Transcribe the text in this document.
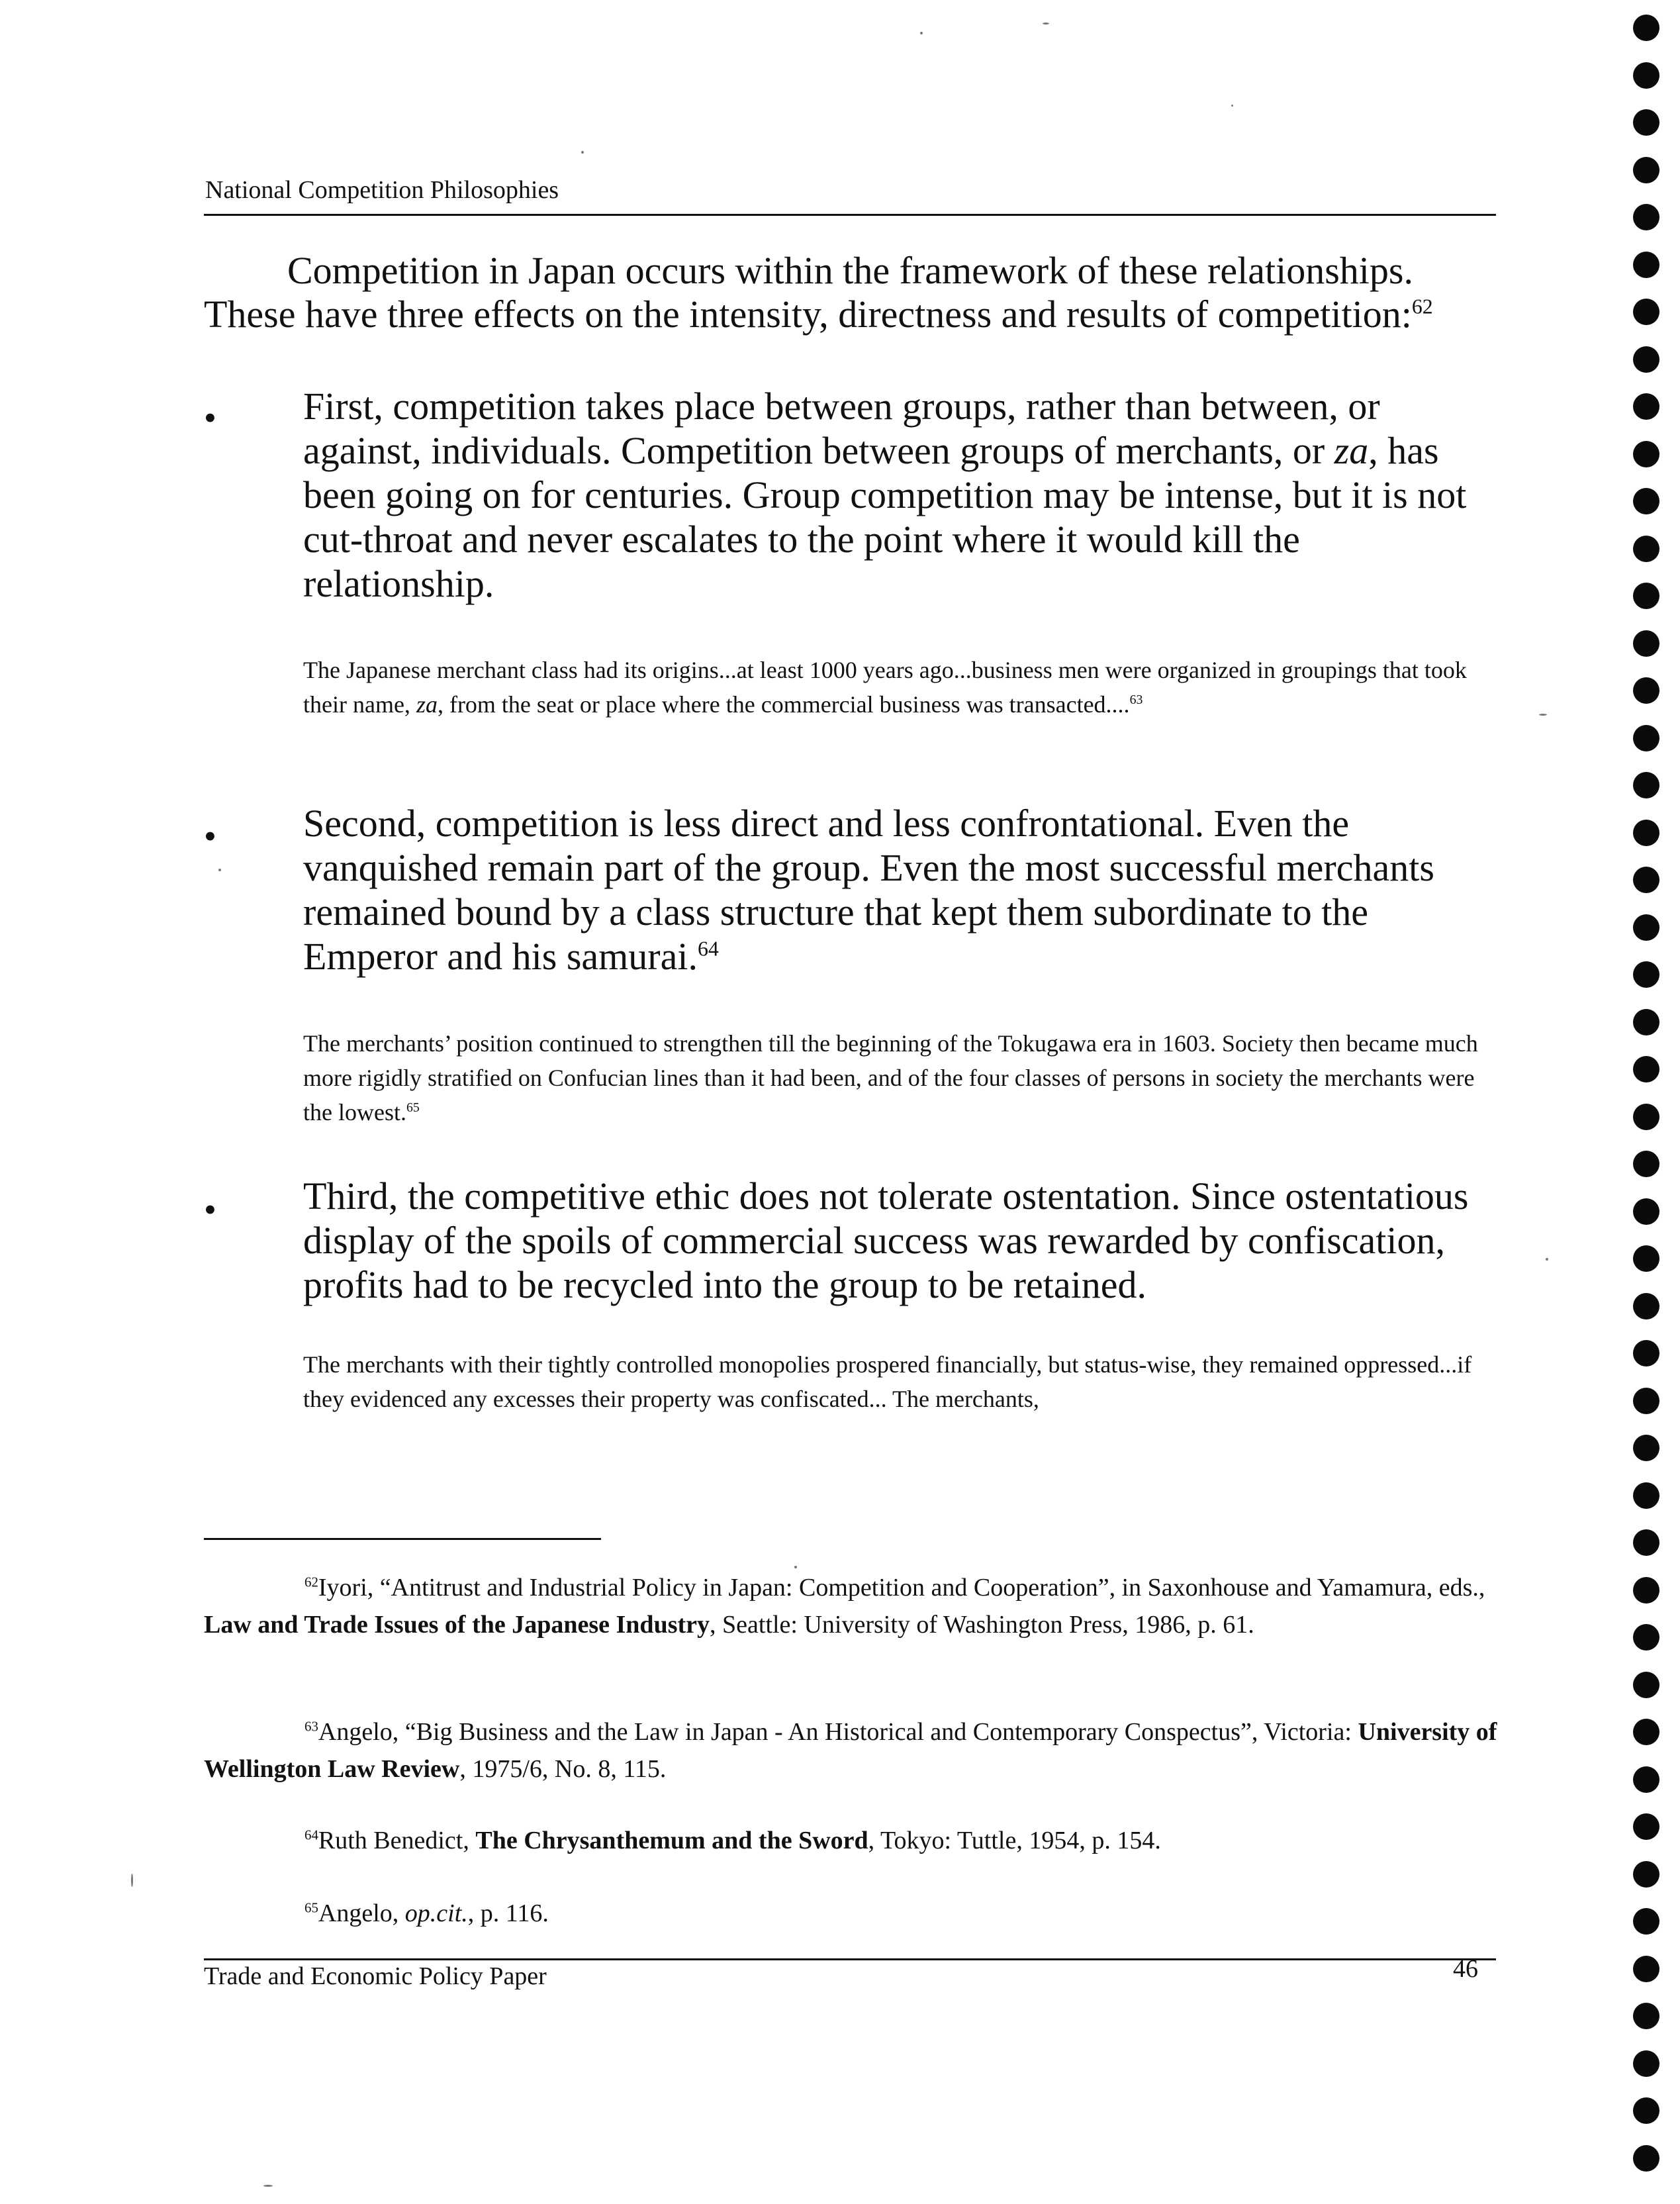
National Competition Philosophies
Competition in Japan occurs within the framework of these relationships.
These have three effects on the intensity, directness and results of competition:$^{62}$
• First, competition takes place between groups, rather than between, or against, individuals. Competition between groups of merchants, or za, has been going on for centuries. Group competition may be intense, but it is not cut-throat and never escalates to the point where it would kill the relationship.
The Japanese merchant class had its origins...at least 1000 years ago...business men were organized in groupings that took their name, za, from the seat or place where the commercial business was transacted....$^{63}$
• Second, competition is less direct and less confrontational. Even the vanquished remain part of the group. Even the most successful merchants remained bound by a class structure that kept them subordinate to the Emperor and his samurai.$^{64}$
The merchants’ position continued to strengthen till the beginning of the Tokugawa era in 1603. Society then became much more rigidly stratified on Confucian lines than it had been, and of the four classes of persons in society the merchants were the lowest.$^{65}$
• Third, the competitive ethic does not tolerate ostentation. Since ostentatious display of the spoils of commercial success was rewarded by confiscation, profits had to be recycled into the group to be retained.
The merchants with their tightly controlled monopolies prospered financially, but status-wise, they remained oppressed...if they evidenced any excesses their property was confiscated... The merchants,
$^{62}$Iyori, “Antitrust and Industrial Policy in Japan: Competition and Cooperation”, in Saxonhouse and Yamamura, eds., Law and Trade Issues of the Japanese Industry, Seattle: University of Washington Press, 1986, p. 61.
$^{63}$Angelo, “Big Business and the Law in Japan - An Historical and Contemporary Conspectus”, Victoria: University of Wellington Law Review, 1975/6, No. 8, 115.
$^{64}$Ruth Benedict, The Chrysanthemum and the Sword, Tokyo: Tuttle, 1954, p. 154.
$^{65}$Angelo, op.cit., p. 116.
Trade and Economic Policy Paper	46
